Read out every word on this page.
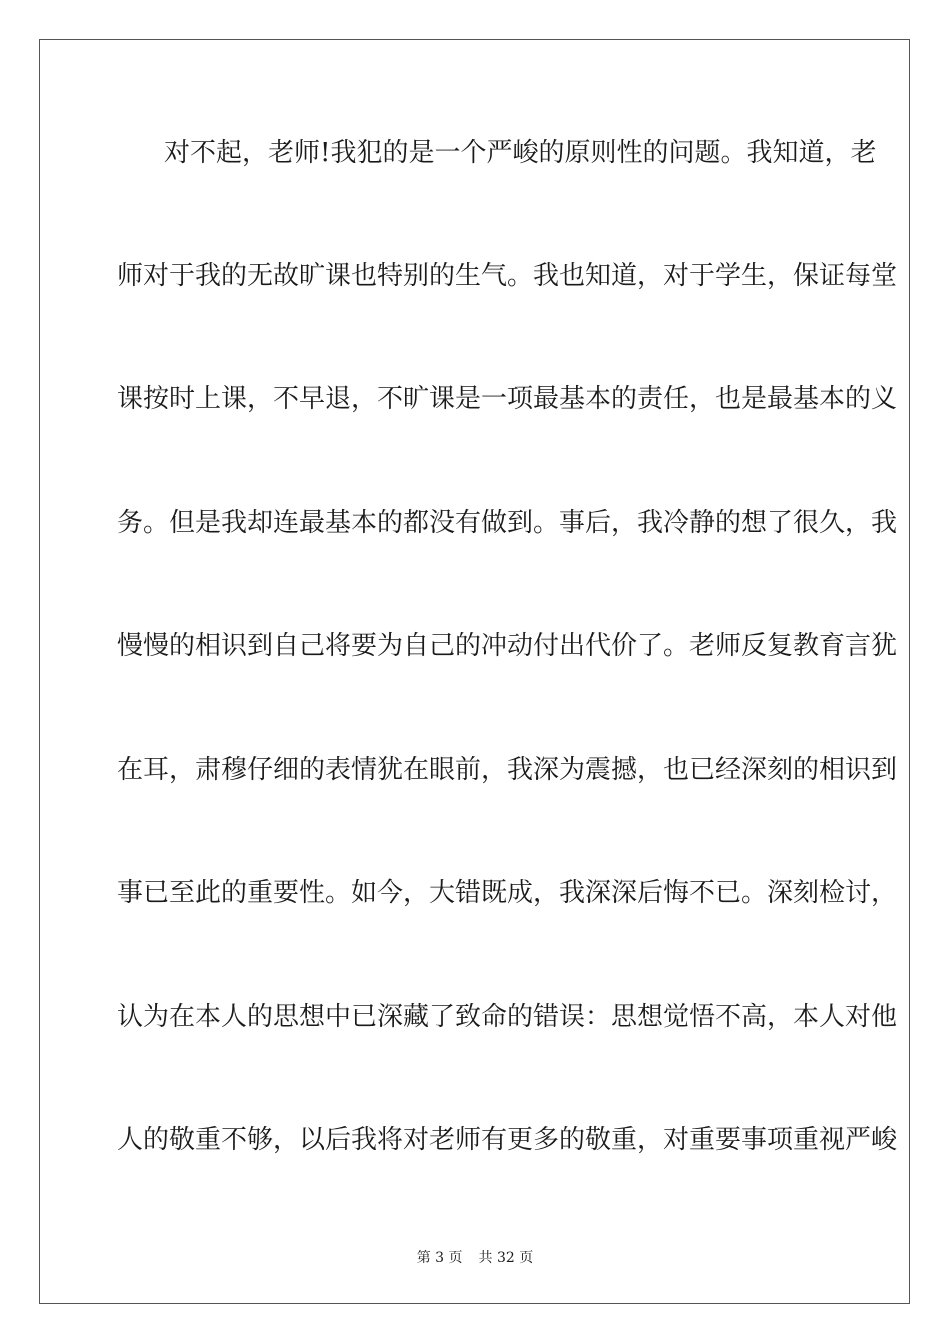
对不起，老师!我犯的是一个严峻的原则性的问题。我知道，老
师对于我的无故旷课也特别的生气。我也知道，对于学生，保证每堂
课按时上课，不早退，不旷课是一项最基本的责任，也是最基本的义
务。但是我却连最基本的都没有做到。事后，我冷静的想了很久，我
慢慢的相识到自己将要为自己的冲动付出代价了。老师反复教育言犹
在耳，肃穆仔细的表情犹在眼前，我深为震撼，也已经深刻的相识到
事已至此的重要性。如今，大错既成，我深深后悔不已。深刻检讨，
认为在本人的思想中已深藏了致命的错误：思想觉悟不高，本人对他
人的敬重不够，以后我将对老师有更多的敬重，对重要事项重视严峻
第 3 页 共 32 页
